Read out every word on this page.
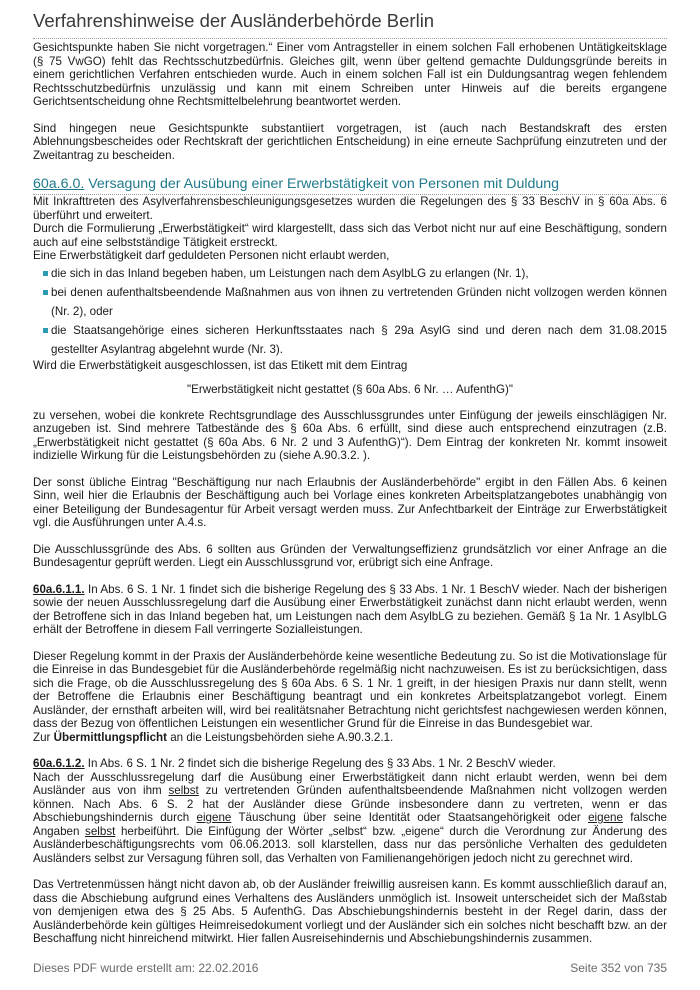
Verfahrenshinweise der Ausländerbehörde Berlin

Gesichtspunkte haben Sie nicht vorgetragen.“ Einer vom Antragsteller in einem solchen Fall erhobenen Untätigkeitsklage (§ 75 VwGO) fehlt das Rechtsschutzbedürfnis. Gleiches gilt, wenn über geltend gemachte Duldungsgründe bereits in einem gerichtlichen Verfahren entschieden wurde. Auch in einem solchen Fall ist ein Duldungsantrag wegen fehlendem Rechtsschutzbedürfnis unzulässig und kann mit einem Schreiben unter Hinweis auf die bereits ergangene Gerichtsentscheidung ohne Rechtsmittelbelehrung beantwortet werden.

Sind hingegen neue Gesichtspunkte substantiiert vorgetragen, ist (auch nach Bestandskraft des ersten Ablehnungsbescheides oder Rechtskraft der gerichtlichen Entscheidung) in eine erneute Sachprüfung einzutreten und der Zweitantrag zu bescheiden.

60a.6.0. Versagung der Ausübung einer Erwerbstätigkeit von Personen mit Duldung

Mit Inkrafttreten des Asylverfahrensbeschleunigungsgesetzes wurden die Regelungen des § 33 BeschV in § 60a Abs. 6 überführt und erweitert.

Durch die Formulierung „Erwerbstätigkeit“ wird klargestellt, dass sich das Verbot nicht nur auf eine Beschäftigung, sondern auch auf eine selbstständige Tätigkeit erstreckt.

Eine Erwerbstätigkeit darf geduldeten Personen nicht erlaubt werden,

die sich in das Inland begeben haben, um Leistungen nach dem AsylbLG zu erlangen (Nr. 1),
bei denen aufenthaltsbeendende Maßnahmen aus von ihnen zu vertretenden Gründen nicht vollzogen werden können (Nr. 2), oder
die Staatsangehörige eines sicheren Herkunftsstaates nach § 29a AsylG sind und deren nach dem 31.08.2015 gestellter Asylantrag abgelehnt wurde (Nr. 3).

Wird die Erwerbstätigkeit ausgeschlossen, ist das Etikett mit dem Eintrag

"Erwerbstätigkeit nicht gestattet (§ 60a Abs. 6 Nr. … AufenthG)"

zu versehen, wobei die konkrete Rechtsgrundlage des Ausschlussgrundes unter Einfügung der jeweils einschlägigen Nr. anzugeben ist. Sind mehrere Tatbestände des § 60a Abs. 6 erfüllt, sind diese auch entsprechend einzutragen (z.B. „Erwerbstätigkeit nicht gestattet (§ 60a Abs. 6 Nr. 2 und 3 AufenthG)“). Dem Eintrag der konkreten Nr. kommt insoweit indizielle Wirkung für die Leistungsbehörden zu (siehe A.90.3.2. ).

Der sonst übliche Eintrag "Beschäftigung nur nach Erlaubnis der Ausländerbehörde" ergibt in den Fällen Abs. 6 keinen Sinn, weil hier die Erlaubnis der Beschäftigung auch bei Vorlage eines konkreten Arbeitsplatzangebotes unabhängig von einer Beteiligung der Bundesagentur für Arbeit versagt werden muss. Zur Anfechtbarkeit der Einträge zur Erwerbstätigkeit vgl. die Ausführungen unter A.4.s.

Die Ausschlussgründe des Abs. 6 sollten aus Gründen der Verwaltungseffizienz grundsätzlich vor einer Anfrage an die Bundesagentur geprüft werden. Liegt ein Ausschlussgrund vor, erübrigt sich eine Anfrage.

60a.6.1.1. In Abs. 6 S. 1 Nr. 1 findet sich die bisherige Regelung des § 33 Abs. 1 Nr. 1 BeschV wieder. Nach der bisherigen sowie der neuen Ausschlussregelung darf die Ausübung einer Erwerbstätigkeit zunächst dann nicht erlaubt werden, wenn der Betroffene sich in das Inland begeben hat, um Leistungen nach dem AsylbLG zu beziehen. Gemäß § 1a Nr. 1 AsylbLG erhält der Betroffene in diesem Fall verringerte Sozialleistungen.

Dieser Regelung kommt in der Praxis der Ausländerbehörde keine wesentliche Bedeutung zu. So ist die Motivationslage für die Einreise in das Bundesgebiet für die Ausländerbehörde regelmäßig nicht nachzuweisen. Es ist zu berücksichtigen, dass sich die Frage, ob die Ausschlussregelung des § 60a Abs. 6 S. 1 Nr. 1 greift, in der hiesigen Praxis nur dann stellt, wenn der Betroffene die Erlaubnis einer Beschäftigung beantragt und ein konkretes Arbeitsplatzangebot vorlegt. Einem Ausländer, der ernsthaft arbeiten will, wird bei realitätsnaher Betrachtung nicht gerichtsfest nachgewiesen werden können, dass der Bezug von öffentlichen Leistungen ein wesentlicher Grund für die Einreise in das Bundesgebiet war.

Zur Übermittlungspflicht an die Leistungsbehörden siehe A.90.3.2.1.

60a.6.1.2. In Abs. 6 S. 1 Nr. 2 findet sich die bisherige Regelung des § 33 Abs. 1 Nr. 2 BeschV wieder.

Nach der Ausschlussregelung darf die Ausübung einer Erwerbstätigkeit dann nicht erlaubt werden, wenn bei dem Ausländer aus von ihm selbst zu vertretenden Gründen aufenthaltsbeendende Maßnahmen nicht vollzogen werden können. Nach Abs. 6 S. 2 hat der Ausländer diese Gründe insbesondere dann zu vertreten, wenn er das Abschiebungshindernis durch eigene Täuschung über seine Identität oder Staatsangehörigkeit oder eigene falsche Angaben selbst herbeiführt. Die Einfügung der Wörter „selbst“ bzw. „eigene“ durch die Verordnung zur Änderung des Ausländerbeschäftigungsrechts vom 06.06.2013. soll klarstellen, dass nur das persönliche Verhalten des geduldeten Ausländers selbst zur Versagung führen soll, das Verhalten von Familienangehörigen jedoch nicht zu gerechnet wird.

Das Vertretenmüssen hängt nicht davon ab, ob der Ausländer freiwillig ausreisen kann. Es kommt ausschließlich darauf an, dass die Abschiebung aufgrund eines Verhaltens des Ausländers unmöglich ist. Insoweit unterscheidet sich der Maßstab von demjenigen etwa des § 25 Abs. 5 AufenthG. Das Abschiebungshindernis besteht in der Regel darin, dass der Ausländerbehörde kein gültiges Heimreisedokument vorliegt und der Ausländer sich ein solches nicht beschafft bzw. an der Beschaffung nicht hinreichend mitwirkt. Hier fallen Ausreisehindernis und Abschiebungshindernis zusammen.

Dieses PDF wurde erstellt am: 22.02.2016	Seite 352 von 735
